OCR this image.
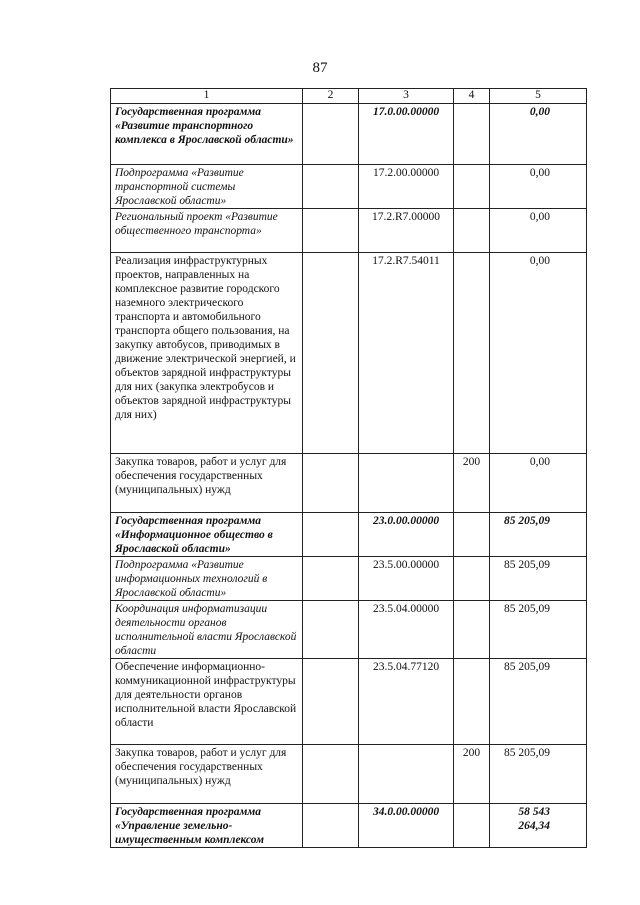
87
1	2	3	4	5
Государственная программа «Развитие транспортного комплекса в Ярославской области»		17.0.00.00000		0,00
Подпрограмма «Развитие транспортной системы Ярославской области»		17.2.00.00000		0,00
Региональный проект «Развитие общественного транспорта»		17.2.R7.00000		0,00
Реализация инфраструктурных проектов, направленных на комплексное развитие городского наземного электрического транспорта и автомобильного транспорта общего пользования, на закупку автобусов, приводимых в движение электрической энергией, и объектов зарядной инфраструктуры для них (закупка электробусов и объектов зарядной инфраструктуры для них)		17.2.R7.54011		0,00
Закупка товаров, работ и услуг для обеспечения государственных (муниципальных) нужд			200	0,00
Государственная программа «Информационное общество в Ярославской области»		23.0.00.00000		85 205,09
Подпрограмма «Развитие информационных технологий в Ярославской области»		23.5.00.00000		85 205,09
Координация информатизации деятельности органов исполнительной власти Ярославской области		23.5.04.00000		85 205,09
Обеспечение информационно-коммуникационной инфраструктуры для деятельности органов исполнительной власти Ярославской области		23.5.04.77120		85 205,09
Закупка товаров, работ и услуг для обеспечения государственных (муниципальных) нужд			200	85 205,09
Государственная программа «Управление земельно-имущественным комплексом		34.0.00.00000		58 543 264,34
